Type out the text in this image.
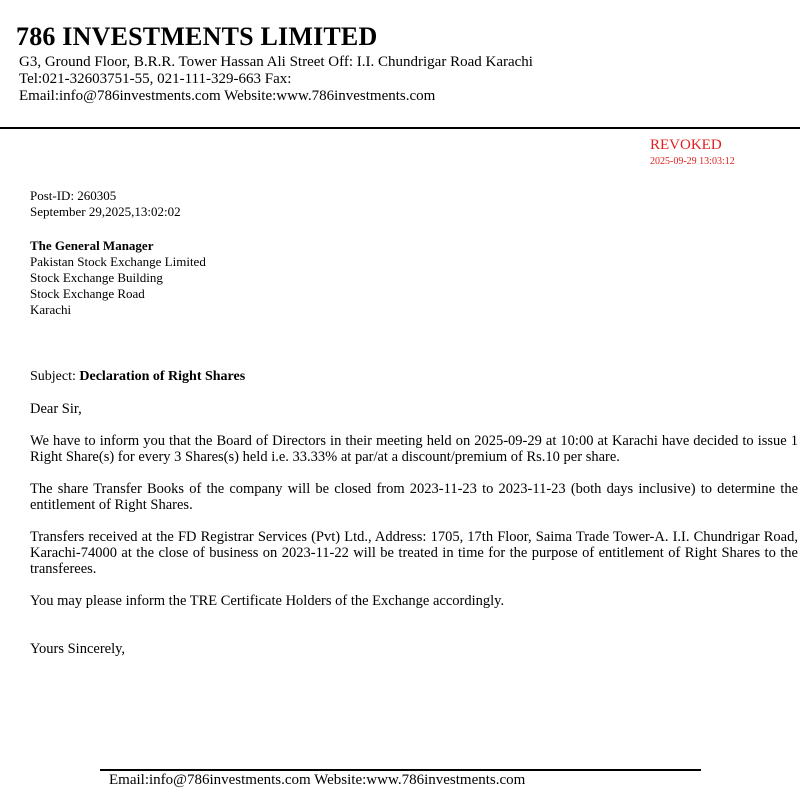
786 INVESTMENTS LIMITED
G3, Ground Floor, B.R.R. Tower Hassan Ali Street Off: I.I. Chundrigar Road Karachi
Tel:021-32603751-55, 021-111-329-663 Fax:
Email:info@786investments.com Website:www.786investments.com
REVOKED
2025-09-29 13:03:12
Post-ID: 260305
September 29,2025,13:02:02
The General Manager
Pakistan Stock Exchange Limited
Stock Exchange Building
Stock Exchange Road
Karachi
Subject: Declaration of Right Shares
Dear Sir,
We have to inform you that the Board of Directors in their meeting held on 2025-09-29 at 10:00 at Karachi have decided to issue 1 Right Share(s) for every 3 Shares(s) held i.e. 33.33% at par/at a discount/premium of Rs.10 per share.
The share Transfer Books of the company will be closed from 2023-11-23 to 2023-11-23 (both days inclusive) to determine the entitlement of Right Shares.
Transfers received at the FD Registrar Services (Pvt) Ltd., Address: 1705, 17th Floor, Saima Trade Tower-A. I.I. Chundrigar Road, Karachi-74000 at the close of business on 2023-11-22 will be treated in time for the purpose of entitlement of Right Shares to the transferees.
You may please inform the TRE Certificate Holders of the Exchange accordingly.
Yours Sincerely,
Email:info@786investments.com Website:www.786investments.com
